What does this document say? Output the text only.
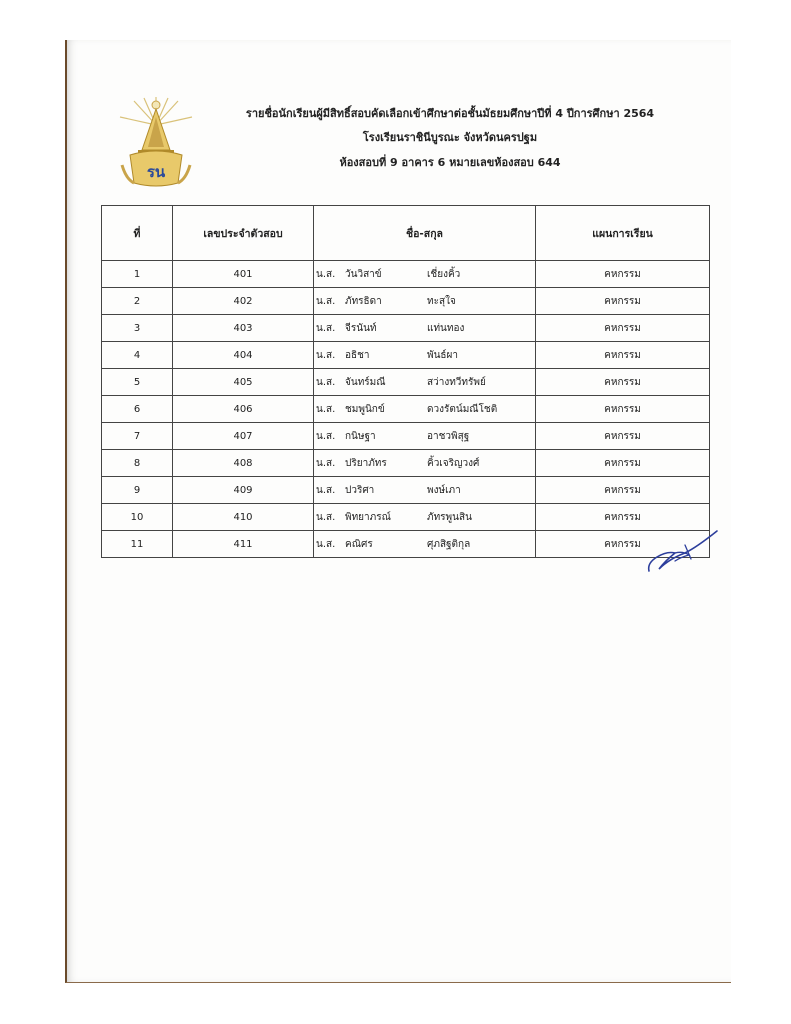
รน
รายชื่อนักเรียนผู้มีสิทธิ์สอบคัดเลือกเข้าศึกษาต่อชั้นมัธยมศึกษาปีที่ 4 ปีการศึกษา 2564
โรงเรียนราชินีบูรณะ จังหวัดนครปฐม
ห้องสอบที่ 9 อาคาร 6 หมายเลขห้องสอบ 644
ที่	เลขประจำตัวสอบ	ชื่อ-สกุล	แผนการเรียน
1	401	น.ส. วันวิสาข์ เชี่ยงคิ้ว	คหกรรม
2	402	น.ส. ภัทรธิดา ทะสุใจ	คหกรรม
3	403	น.ส. จีรนันท์ แท่นทอง	คหกรรม
4	404	น.ส. อธิชา พันธ์ผา	คหกรรม
5	405	น.ส. จันทร์มณี สว่างทวีทรัพย์	คหกรรม
6	406	น.ส. ชมพูนิกข์ ดวงรัตน์มณีโชติ	คหกรรม
7	407	น.ส. กนิษฐา อาชวพิสุฐ	คหกรรม
8	408	น.ส. ปริยาภัทร คิ้วเจริญวงศ์	คหกรรม
9	409	น.ส. ปวริศา พงษ์เภา	คหกรรม
10	410	น.ส. พิทยาภรณ์ ภัทรพูนสิน	คหกรรม
11	411	น.ส. คณิศร ศุภสิฐติกุล	คหกรรม
